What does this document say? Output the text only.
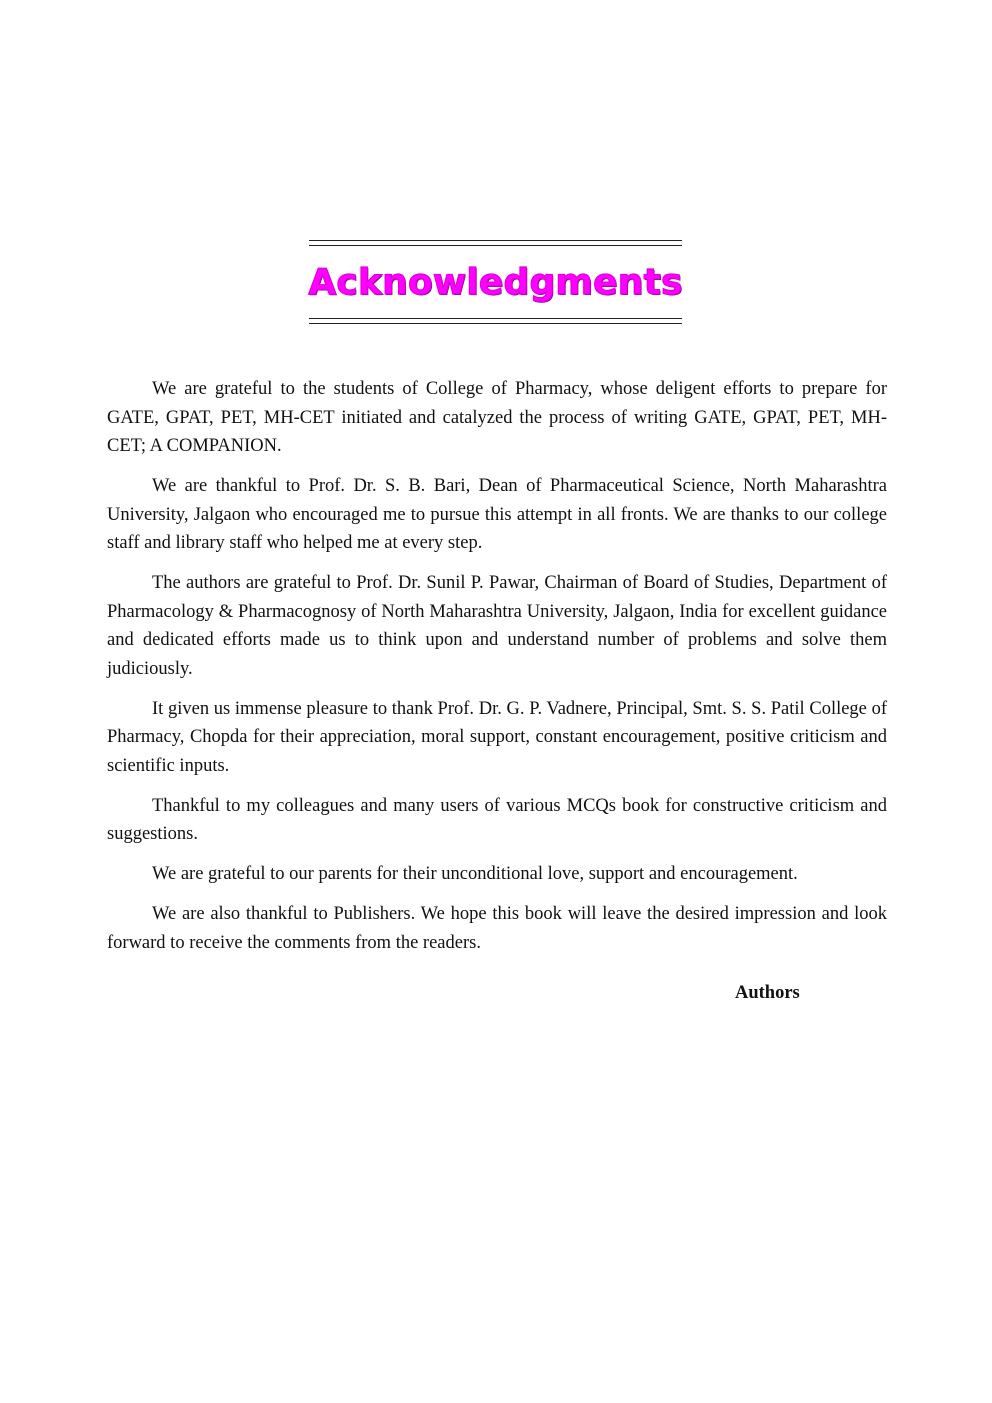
Acknowledgments

We are grateful to the students of College of Pharmacy, whose deligent efforts to prepare for GATE, GPAT, PET, MH-CET initiated and catalyzed the process of writing GATE, GPAT, PET, MH-CET; A COMPANION.

We are thankful to Prof. Dr. S. B. Bari, Dean of Pharmaceutical Science, North Maharashtra University, Jalgaon who encouraged me to pursue this attempt in all fronts. We are thanks to our college staff and library staff who helped me at every step.

The authors are grateful to Prof. Dr. Sunil P. Pawar, Chairman of Board of Studies, Department of Pharmacology & Pharmacognosy of North Maharashtra University, Jalgaon, India for excellent guidance and dedicated efforts made us to think upon and understand number of problems and solve them judiciously.

It given us immense pleasure to thank Prof. Dr. G. P. Vadnere, Principal, Smt. S. S. Patil College of Pharmacy, Chopda for their appreciation, moral support, constant encouragement, positive criticism and scientific inputs.

Thankful to my colleagues and many users of various MCQs book for constructive criticism and suggestions.

We are grateful to our parents for their unconditional love, support and encouragement.

We are also thankful to Publishers. We hope this book will leave the desired impression and look forward to receive the comments from the readers.

Authors
